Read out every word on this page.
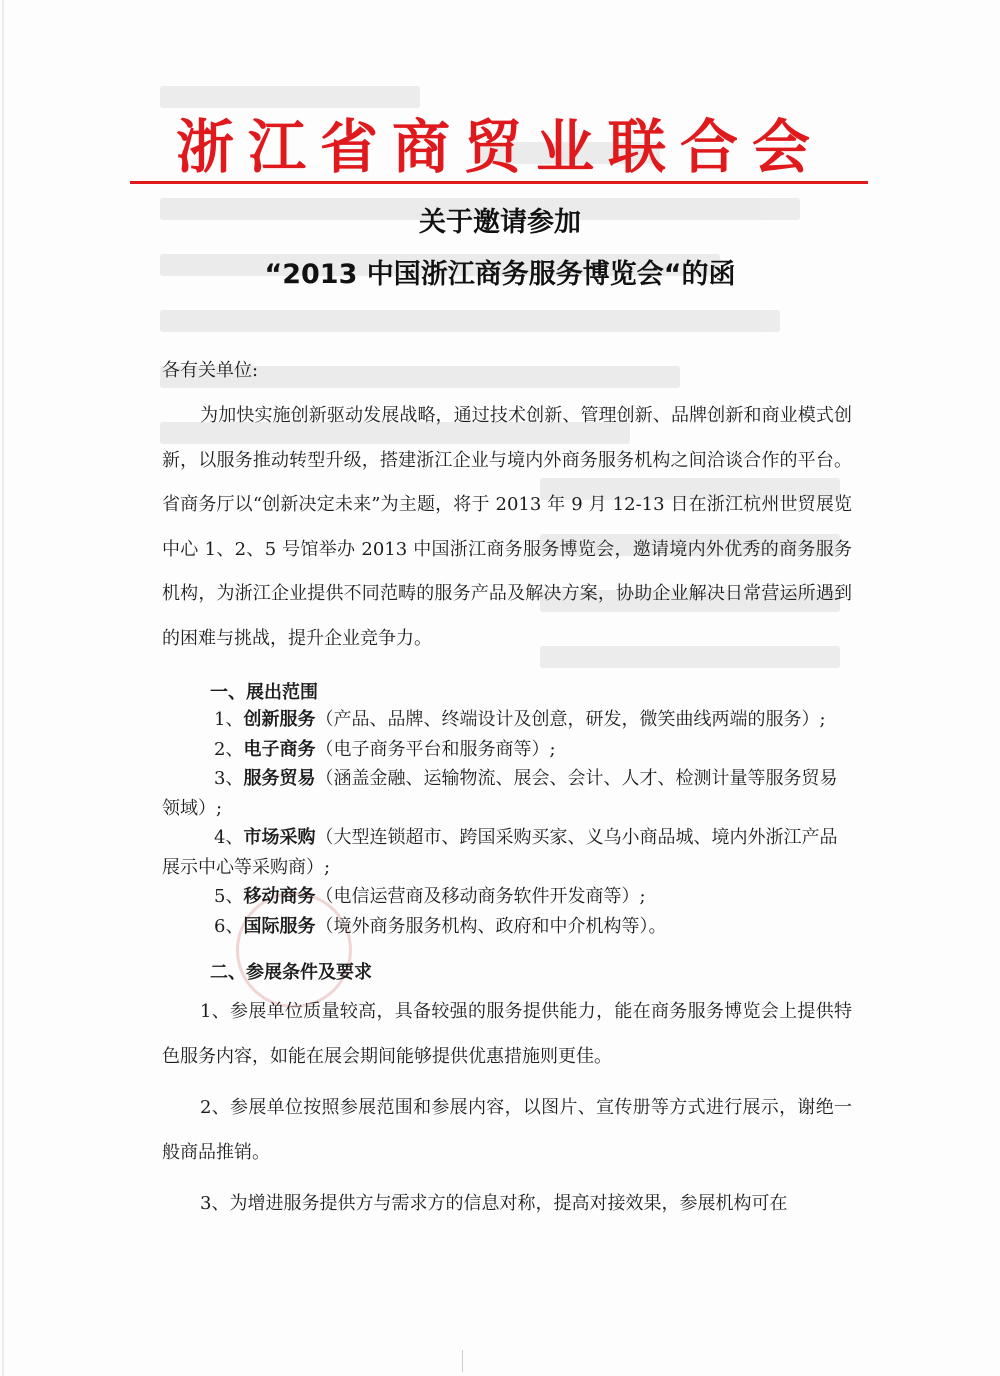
浙江省商贸业联合会
关于邀请参加
“2013 中国浙江商务服务博览会“的函
各有关单位:
为加快实施创新驱动发展战略，通过技术创新、管理创新、品牌创新和商业模式创新，以服务推动转型升级，搭建浙江企业与境内外商务服务机构之间洽谈合作的平台。省商务厅以“创新决定未来”为主题，将于 2013 年 9 月 12-13 日在浙江杭州世贸展览中心 1、2、5 号馆举办 2013 中国浙江商务服务博览会，邀请境内外优秀的商务服务机构，为浙江企业提供不同范畴的服务产品及解决方案，协助企业解决日常营运所遇到的困难与挑战，提升企业竞争力。
一、展出范围
1、创新服务（产品、品牌、终端设计及创意，研发，微笑曲线两端的服务）;
2、电子商务（电子商务平台和服务商等）;
3、服务贸易（涵盖金融、运输物流、展会、会计、人才、检测计量等服务贸易领域）;
4、市场采购（大型连锁超市、跨国采购买家、义乌小商品城、境内外浙江产品展示中心等采购商）;
5、移动商务（电信运营商及移动商务软件开发商等）;
6、国际服务（境外商务服务机构、政府和中介机构等）。
二、参展条件及要求
1、参展单位质量较高，具备较强的服务提供能力，能在商务服务博览会上提供特色服务内容，如能在展会期间能够提供优惠措施则更佳。
2、参展单位按照参展范围和参展内容，以图片、宣传册等方式进行展示，谢绝一般商品推销。
3、为增进服务提供方与需求方的信息对称，提高对接效果，参展机构可在
